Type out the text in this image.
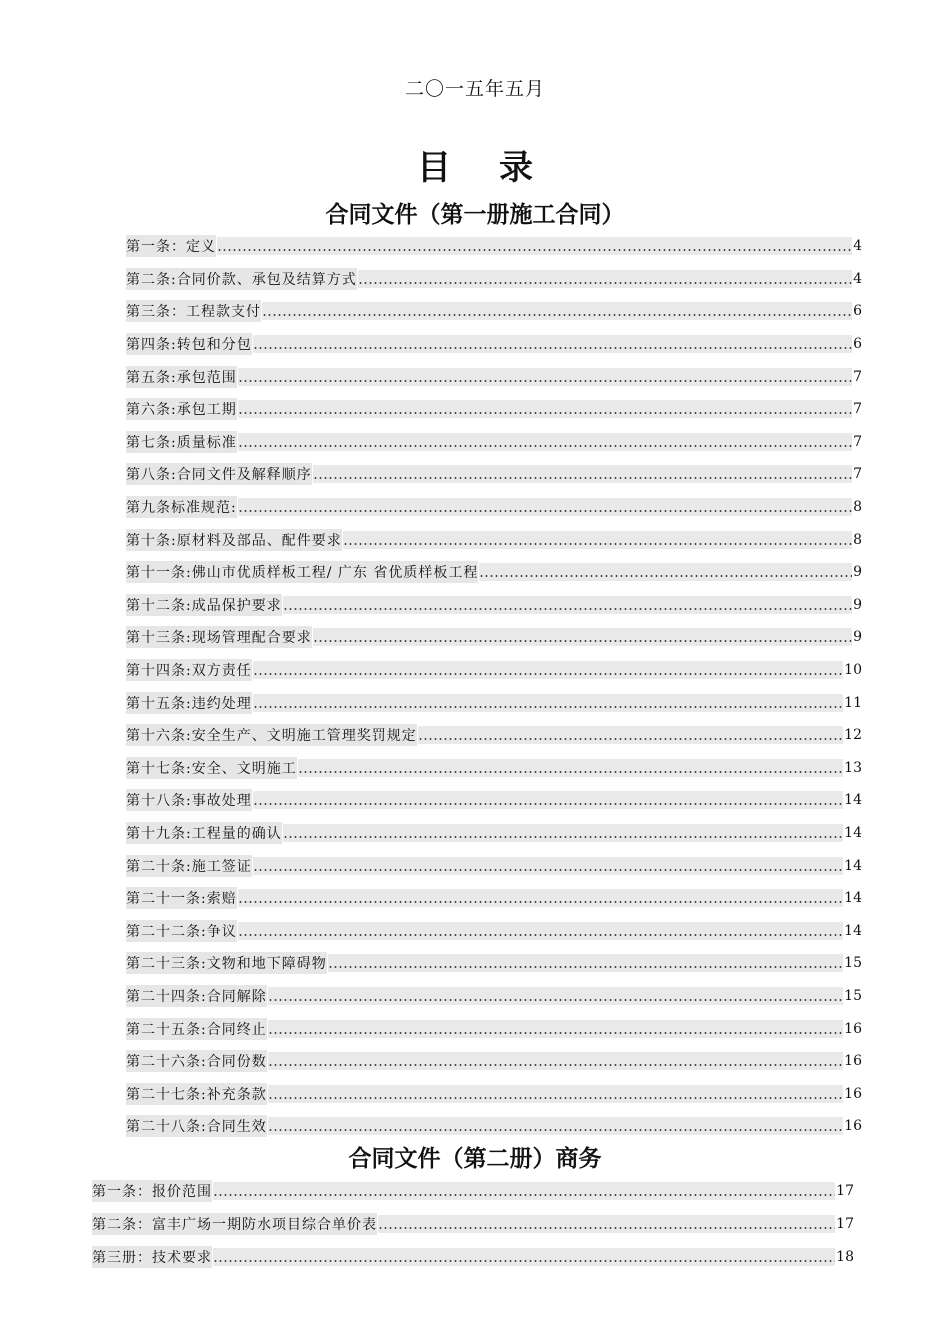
二〇一五年五月
目录
合同文件（第一册施工合同）
第一条：定义	4
第二条:合同价款、承包及结算方式	4
第三条：工程款支付	6
第四条:转包和分包	6
第五条:承包范围	7
第六条:承包工期	7
第七条:质量标准	7
第八条:合同文件及解释顺序	7
第九条标准规范:	8
第十条:原材料及部品、配件要求	8
第十一条:佛山市优质样板工程/ 广东 省优质样板工程	9
第十二条:成品保护要求	9
第十三条:现场管理配合要求	9
第十四条:双方责任	10
第十五条:违约处理	11
第十六条:安全生产、文明施工管理奖罚规定	12
第十七条:安全、文明施工	13
第十八条:事故处理	14
第十九条:工程量的确认	14
第二十条:施工签证	14
第二十一条:索赔	14
第二十二条:争议	14
第二十三条:文物和地下障碍物	15
第二十四条:合同解除	15
第二十五条:合同终止	16
第二十六条:合同份数	16
第二十七条:补充条款	16
第二十八条:合同生效	16
合同文件（第二册）商务
第一条：报价范围	17
第二条：富丰广场一期防水项目综合单价表	17
第三册：技术要求	18
